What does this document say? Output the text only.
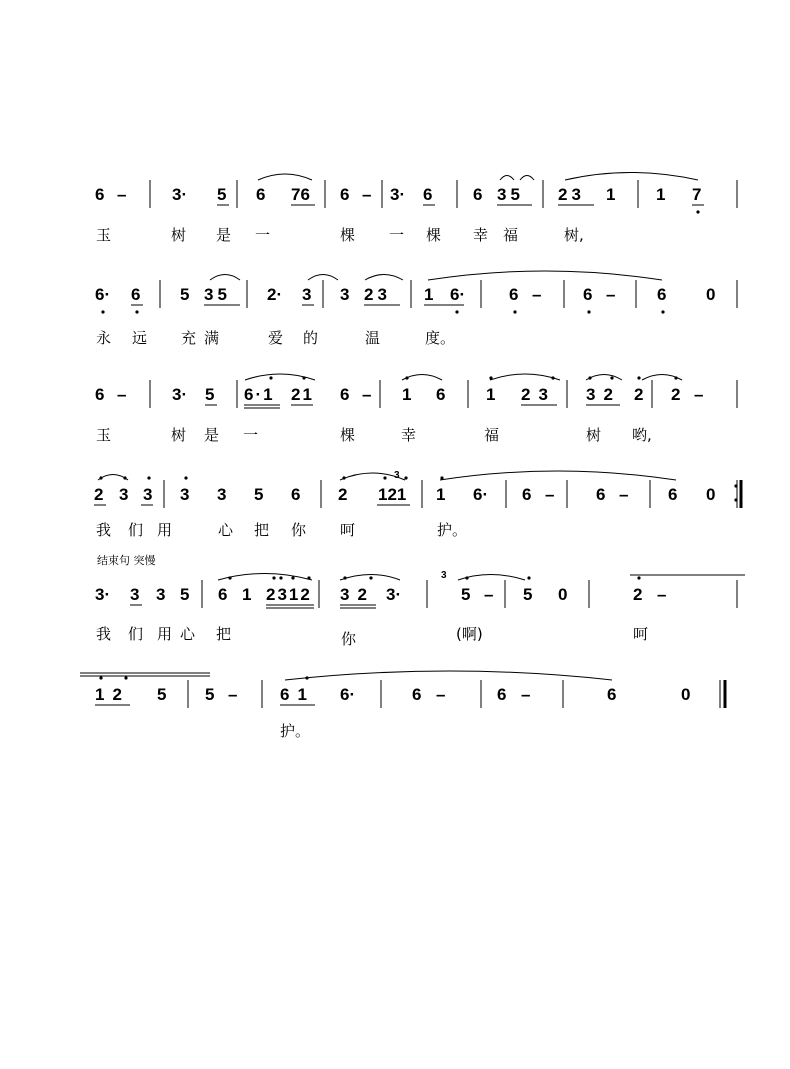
6 –	3· 5 6 76 6 – 3· 6 6 35 23 1 1 7
6· 6 5 35 2· 3 3 23 1 6·	6 – 6 – 6 0
6 –	3· 5 6·1 21 6 – 1 6 1 23 32 2 2 –
2 3 3 3 3 5 6 2 121 1 6· 6 – 6 – 6 0
3
3· 3 3 5 6 1 2312 32 3·	5 – 5 0	2 –
3
12 5 5 –	61 6·	6 –	6 –	6	0
玉	树 是 一	棵 一 棵 幸 福	树,
永 远 充 满	爱 的	温	度。
玉	树 是 一	棵	幸	福	树 哟,
我 们 用	心 把 你 呵	护。
结束句 突慢
我 们 用 心 把	你	(啊)	呵
护。
